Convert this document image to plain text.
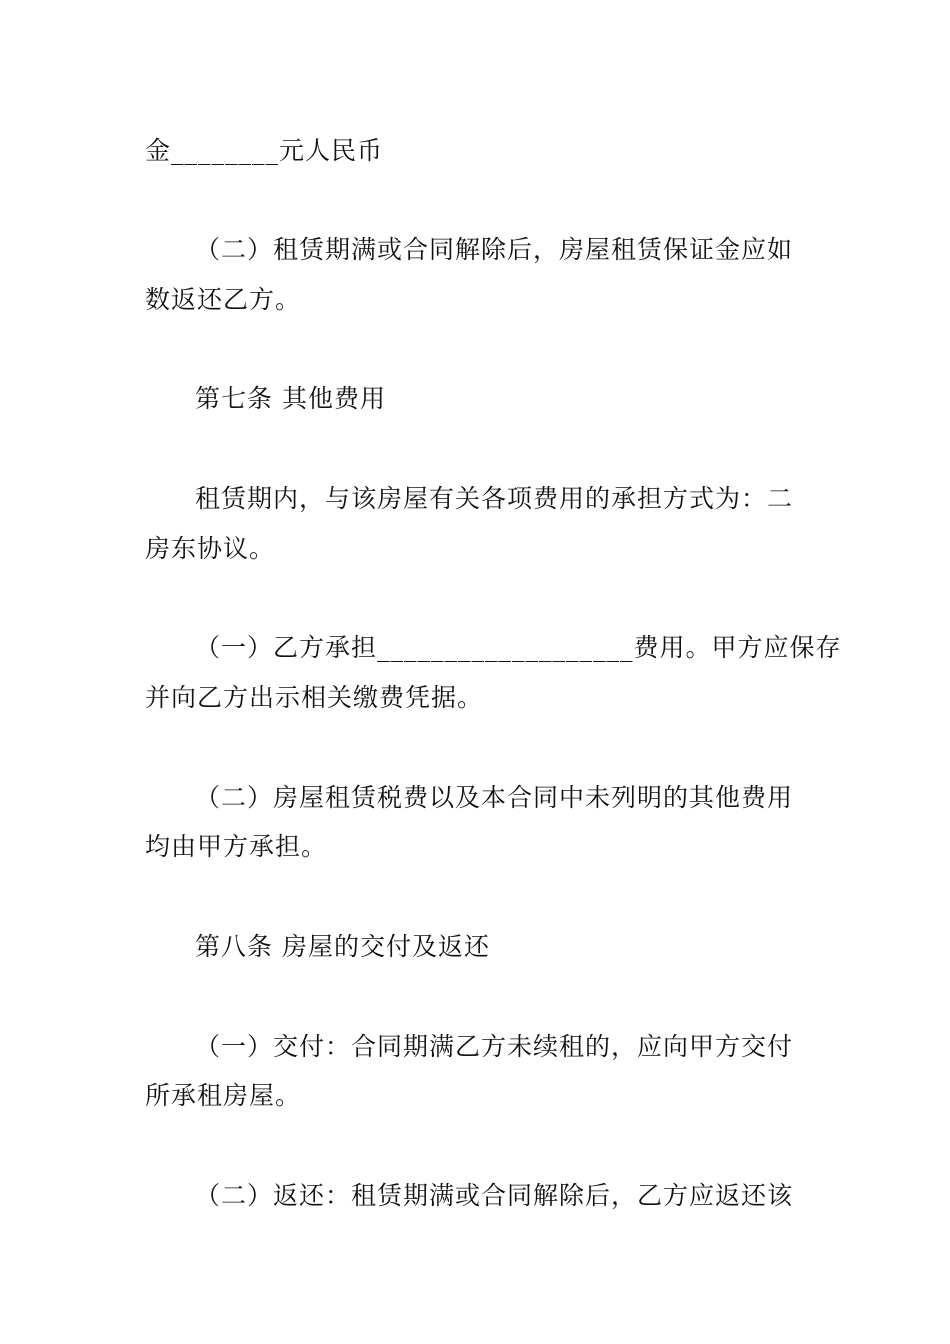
金________元人民币
（二）租赁期满或合同解除后，房屋租赁保证金应如
数返还乙方。
第七条 其他费用
租赁期内，与该房屋有关各项费用的承担方式为：二
房东协议。
（一）乙方承担___________________费用。甲方应保存
并向乙方出示相关缴费凭据。
（二）房屋租赁税费以及本合同中未列明的其他费用
均由甲方承担。
第八条 房屋的交付及返还
（一）交付：合同期满乙方未续租的，应向甲方交付
所承租房屋。
（二）返还：租赁期满或合同解除后，乙方应返还该
